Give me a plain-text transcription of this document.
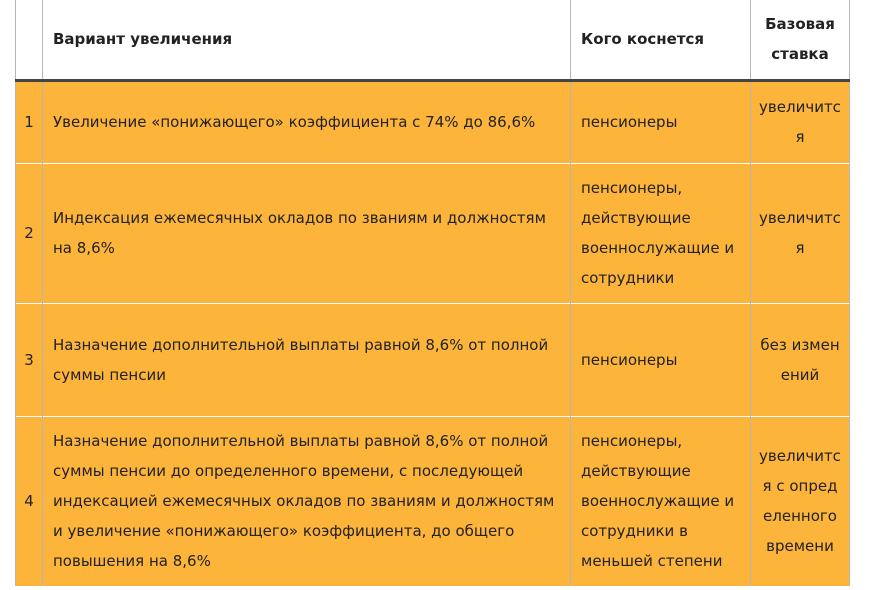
	Вариант увеличения	Кого коснется	Базовая ставка
1	Увеличение «понижающего» коэффициента с 74% до 86,6%	пенсионеры	увеличится
2	Индексация ежемесячных окладов по званиям и должностям на 8,6%	пенсионеры, действующие военнослужащие и сотрудники	увеличится
3	Назначение дополнительной выплаты равной 8,6% от полной суммы пенсии	пенсионеры	без изменений
4	Назначение дополнительной выплаты равной 8,6% от полной суммы пенсии до определенного времени, с последующей индексацией ежемесячных окладов по званиям и должностям и увеличение «понижающего» коэффициента, до общего повышения на 8,6%	пенсионеры, действующие военнослужащие и сотрудники в меньшей степени	увеличится с определенного времени
